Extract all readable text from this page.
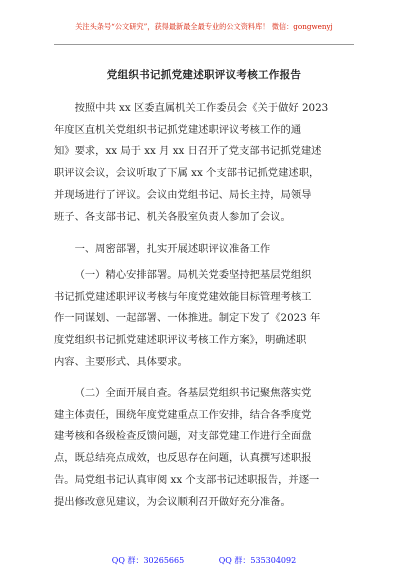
关注头条号“公文研究”，获得最新最全最专业的公文资料库！ 微信：gongwenyj
党组织书记抓党建述职评议考核工作报告

按照中共 xx 区委直属机关工作委员会《关于做好 2023
年度区直机关党组织书记抓党建述职评议考核工作的通
知》要求，xx 局于 xx 月 xx 日召开了党支部书记抓党建述
职评议会议，会议听取了下属 xx 个支部书记抓党建述职，
并现场进行了评议。会议由党组书记、局长主持，局领导
班子、各支部书记、机关各股室负责人参加了会议。

一、周密部署，扎实开展述职评议准备工作

（一）精心安排部署。局机关党委坚持把基层党组织
书记抓党建述职评议考核与年度党建效能目标管理考核工
作一同谋划、一起部署、一体推进。制定下发了《2023 年
度党组织书记抓党建述职评议考核工作方案》，明确述职
内容、主要形式、具体要求。

（二）全面开展自查。各基层党组织书记聚焦落实党
建主体责任，围绕年度党建重点工作安排，结合各季度党
建考核和各级检查反馈问题，对支部党建工作进行全面盘
点，既总结亮点成效，也反思存在问题，认真撰写述职报
告。局党组书记认真审阅 xx 个支部书记述职报告，并逐一
提出修改意见建议，为会议顺利召开做好充分准备。

QQ 群：30265665	QQ 群：535304092
